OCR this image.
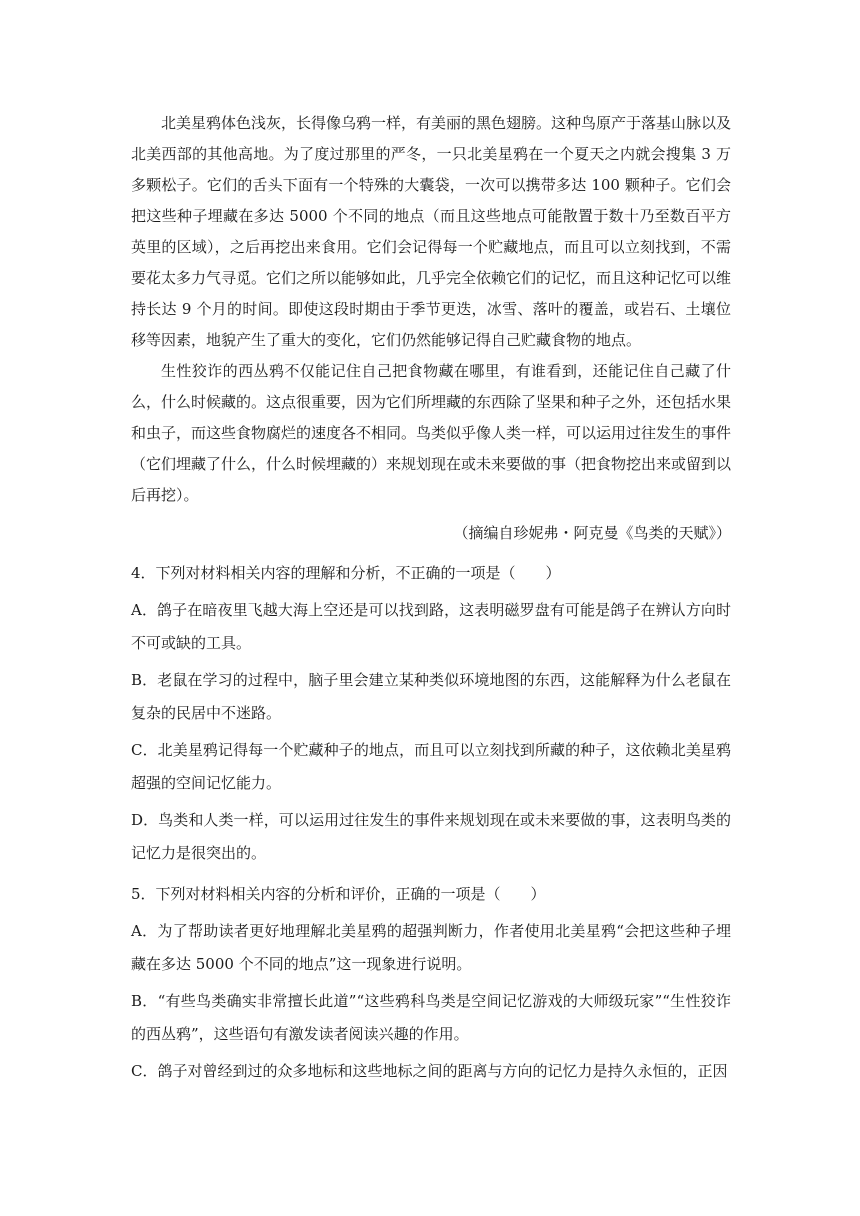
北美星鸦体色浅灰，长得像乌鸦一样，有美丽的黑色翅膀。这种鸟原产于落基山脉以及北美西部的其他高地。为了度过那里的严冬，一只北美星鸦在一个夏天之内就会搜集 3 万多颗松子。它们的舌头下面有一个特殊的大囊袋，一次可以携带多达 100 颗种子。它们会把这些种子埋藏在多达 5000 个不同的地点（而且这些地点可能散置于数十乃至数百平方英里的区域），之后再挖出来食用。它们会记得每一个贮藏地点，而且可以立刻找到，不需要花太多力气寻觅。它们之所以能够如此，几乎完全依赖它们的记忆，而且这种记忆可以维持长达 9 个月的时间。即使这段时期由于季节更迭，冰雪、落叶的覆盖，或岩石、土壤位移等因素，地貌产生了重大的变化，它们仍然能够记得自己贮藏食物的地点。

生性狡诈的西丛鸦不仅能记住自己把食物藏在哪里，有谁看到，还能记住自己藏了什么，什么时候藏的。这点很重要，因为它们所埋藏的东西除了坚果和种子之外，还包括水果和虫子，而这些食物腐烂的速度各不相同。鸟类似乎像人类一样，可以运用过往发生的事件（它们埋藏了什么，什么时候埋藏的）来规划现在或未来要做的事（把食物挖出来或留到以后再挖）。

（摘编自珍妮弗・阿克曼《鸟类的天赋》）

4．下列对材料相关内容的理解和分析，不正确的一项是（　　）

A．鸽子在暗夜里飞越大海上空还是可以找到路，这表明磁罗盘有可能是鸽子在辨认方向时不可或缺的工具。

B．老鼠在学习的过程中，脑子里会建立某种类似环境地图的东西，这能解释为什么老鼠在复杂的民居中不迷路。

C．北美星鸦记得每一个贮藏种子的地点，而且可以立刻找到所藏的种子，这依赖北美星鸦超强的空间记忆能力。

D．鸟类和人类一样，可以运用过往发生的事件来规划现在或未来要做的事，这表明鸟类的记忆力是很突出的。

5．下列对材料相关内容的分析和评价，正确的一项是（　　）

A．为了帮助读者更好地理解北美星鸦的超强判断力，作者使用北美星鸦“会把这些种子埋藏在多达 5000 个不同的地点”这一现象进行说明。

B．“有些鸟类确实非常擅长此道”“这些鸦科鸟类是空间记忆游戏的大师级玩家”“生性狡诈的西丛鸦”，这些语句有激发读者阅读兴趣的作用。

C．鸽子对曾经到过的众多地标和这些地标之间的距离与方向的记忆力是持久永恒的，正因
